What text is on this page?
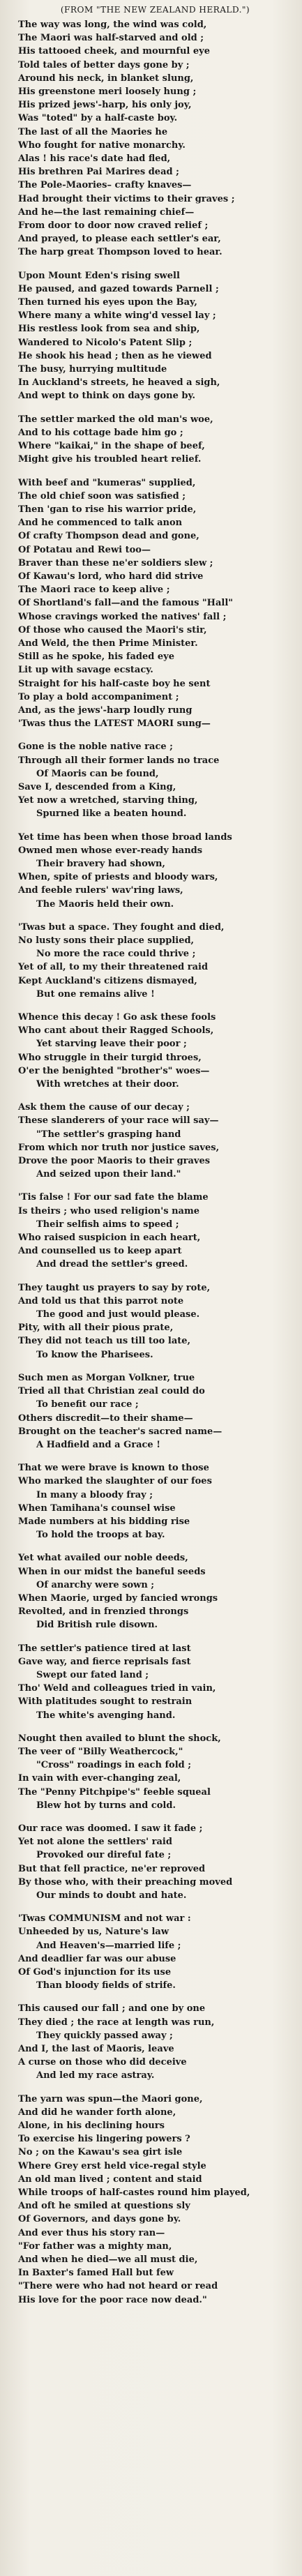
(FROM "THE NEW ZEALAND HERALD.")
The way was long, the wind was cold,
The Maori was half-starved and old ;
His tattooed cheek, and mournful eye
Told tales of better days gone by ;
Around his neck, in blanket slung,
His greenstone meri loosely hung ;
His prized jews'-harp, his only joy,
Was "toted" by a half-caste boy.
The last of all the Maories he
Who fought for native monarchy.
Alas ! his race's date had fled,
His brethren Pai Marires dead ;
The Pole-Maories– crafty knaves—
Had brought their victims to their graves ;
And he—the last remaining chief—
From door to door now craved relief ;
And prayed, to please each settler's ear,
The harp great Thompson loved to hear.
Upon Mount Eden's rising swell
He paused, and gazed towards Parnell ;
Then turned his eyes upon the Bay,
Where many a white wing'd vessel lay ;
His restless look from sea and ship,
Wandered to Nicolo's Patent Slip ;
He shook his head ; then as he viewed
The busy, hurrying multitude
In Auckland's streets, he heaved a sigh,
And wept to think on days gone by.
The settler marked the old man's woe,
And to his cottage bade him go ;
Where "kaikai," in the shape of beef,
Might give his troubled heart relief.
With beef and "kumeras" supplied,
The old chief soon was satisfied ;
Then 'gan to rise his warrior pride,
And he commenced to talk anon
Of crafty Thompson dead and gone,
Of Potatau and Rewi too—
Braver than these ne'er soldiers slew ;
Of Kawau's lord, who hard did strive
The Maori race to keep alive ;
Of Shortland's fall—and the famous "Hall"
Whose cravings worked the natives' fall ;
Of those who caused the Maori's stir,
And Weld, the then Prime Minister.
Still as he spoke, his faded eye
Lit up with savage ecstacy.
Straight for his half-caste boy he sent
To play a bold accompaniment ;
And, as the jews'-harp loudly rung
'Twas thus the LATEST MAORI sung—
Gone is the noble native race ;
Through all their former lands no trace
Of Maoris can be found,
Save I, descended from a King,
Yet now a wretched, starving thing,
Spurned like a beaten hound.
Yet time has been when those broad lands
Owned men whose ever-ready hands
Their bravery had shown,
When, spite of priests and bloody wars,
And feeble rulers' wav'ring laws,
The Maoris held their own.
'Twas but a space. They fought and died,
No lusty sons their place supplied,
No more the race could thrive ;
Yet of all, to my their threatened raid
Kept Auckland's citizens dismayed,
But one remains alive !
Whence this decay ! Go ask these fools
Who cant about their Ragged Schools,
Yet starving leave their poor ;
Who struggle in their turgid throes,
O'er the benighted "brother's" woes—
With wretches at their door.
Ask them the cause of our decay ;
These slanderers of your race will say—
"The settler's grasping hand
From which nor truth nor justice saves,
Drove the poor Maoris to their graves
And seized upon their land."
'Tis false ! For our sad fate the blame
Is theirs ; who used religion's name
Their selfish aims to speed ;
Who raised suspicion in each heart,
And counselled us to keep apart
And dread the settler's greed.
They taught us prayers to say by rote,
And told us that this parrot note
The good and just would please.
Pity, with all their pious prate,
They did not teach us till too late,
To know the Pharisees.
Such men as Morgan Volkner, true
Tried all that Christian zeal could do
To benefit our race ;
Others discredit—to their shame—
Brought on the teacher's sacred name—
A Hadfield and a Grace !
That we were brave is known to those
Who marked the slaughter of our foes
In many a bloody fray ;
When Tamihana's counsel wise
Made numbers at his bidding rise
To hold the troops at bay.
Yet what availed our noble deeds,
When in our midst the baneful seeds
Of anarchy were sown ;
When Maorie, urged by fancied wrongs
Revolted, and in frenzied throngs
Did British rule disown.
The settler's patience tired at last
Gave way, and fierce reprisals fast
Swept our fated land ;
Tho' Weld and colleagues tried in vain,
With platitudes sought to restrain
The white's avenging hand.
Nought then availed to blunt the shock,
The veer of "Billy Weathercock,"
"Cross" roadings in each fold ;
In vain with ever-changing zeal,
The "Penny Pitchpipe's" feeble squeal
Blew hot by turns and cold.
Our race was doomed. I saw it fade ;
Yet not alone the settlers' raid
Provoked our direful fate ;
But that fell practice, ne'er reproved
By those who, with their preaching moved
Our minds to doubt and hate.
'Twas COMMUNISM and not war :
Unheeded by us, Nature's law
And Heaven's—married life ;
And deadlier far was our abuse
Of God's injunction for its use
Than bloody fields of strife.
This caused our fall ; and one by one
They died ; the race at length was run,
They quickly passed away ;
And I, the last of Maoris, leave
A curse on those who did deceive
And led my race astray.
The yarn was spun—the Maori gone,
And did he wander forth alone,
Alone, in his declining hours
To exercise his lingering powers ?
No ; on the Kawau's sea girt isle
Where Grey erst held vice-regal style
An old man lived ; content and staid
While troops of half-castes round him played,
And oft he smiled at questions sly
Of Governors, and days gone by.
And ever thus his story ran—
"For father was a mighty man,
And when he died—we all must die,
In Baxter's famed Hall but few
"There were who had not heard or read
His love for the poor race now dead."
